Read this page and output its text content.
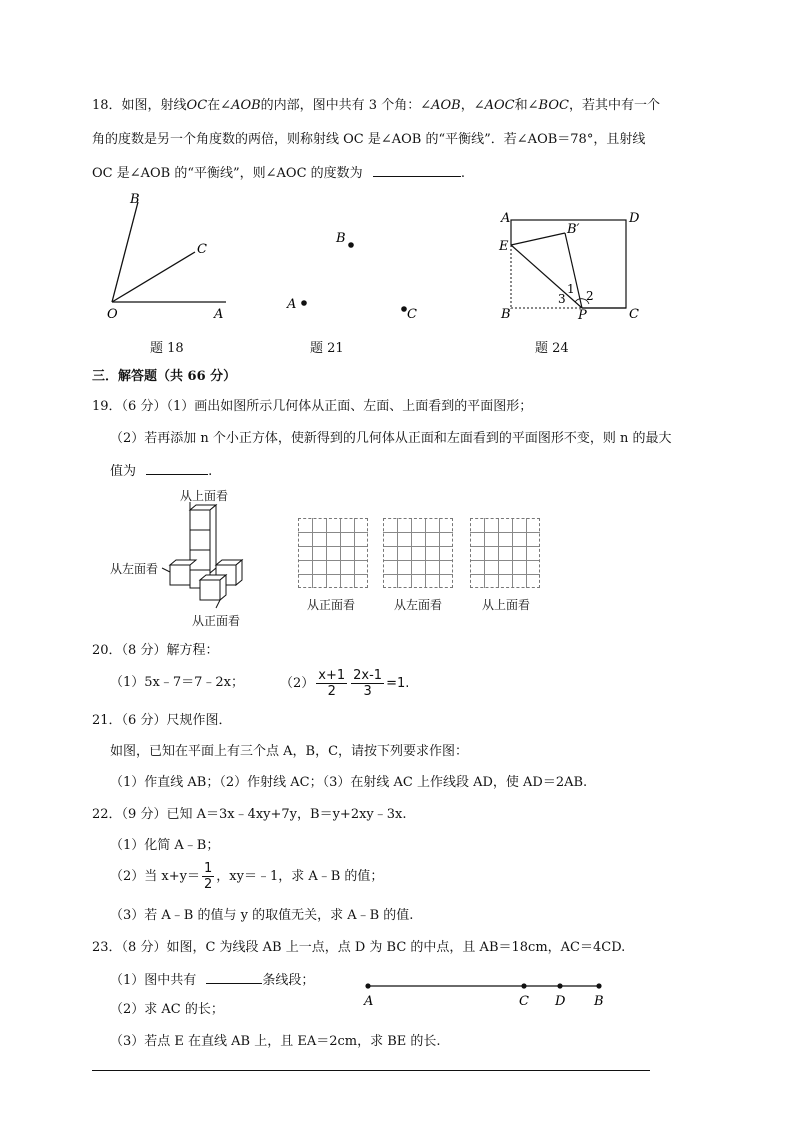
18．如图，射线OC在∠AOB的内部，图中共有 3 个角：∠AOB，∠AOC和∠BOC，若其中有一个
角的度数是另一个角度数的两倍，则称射线 OC 是∠AOB 的“平衡线”．若∠AOB＝78°，且射线
OC 是∠AOB 的“平衡线”，则∠AOC 的度数为	.
B
C
O	A
题 18
B
A
C
题 21
A	D
E
B′
1
3 2
B	P	C
题 24
三．解答题（共 66 分）
19．（6 分）（1）画出如图所示几何体从正面、左面、上面看到的平面图形；
（2）若再添加 n 个小正方体，使新得到的几何体从正面和左面看到的平面图形不变，则 n 的最大
值为	.
从上面看
从左面看
从正面看
从正面看	从左面看	从上面看
20．（8 分）解方程：
（1）5x﹣7＝7﹣2x；	$(2) \frac{x+1}{2} \frac{2x-1}{3} =1$.
21．（6 分）尺规作图．
如图，已知在平面上有三个点 A，B，C，请按下列要求作图：
（1）作直线 AB；（2）作射线 AC；（3）在射线 AC 上作线段 AD，使 AD＝2AB.
22．（9 分）已知 A＝3x﹣4xy+7y，B＝y+2xy﹣3x.
（1）化简 A﹣B；
（2）当 $x+y= \frac{1}{2}$ ，xy＝﹣1，求 A﹣B 的值；
（3）若 A﹣B 的值与 y 的取值无关，求 A﹣B 的值.
23．（8 分）如图，C 为线段 AB 上一点，点 D 为 BC 的中点，且 AB＝18cm，AC＝4CD.
（1）图中共有	条线段；
（2）求 AC 的长；
（3）若点 E 在直线 AB 上，且 EA＝2cm，求 BE 的长.
A	C D B
